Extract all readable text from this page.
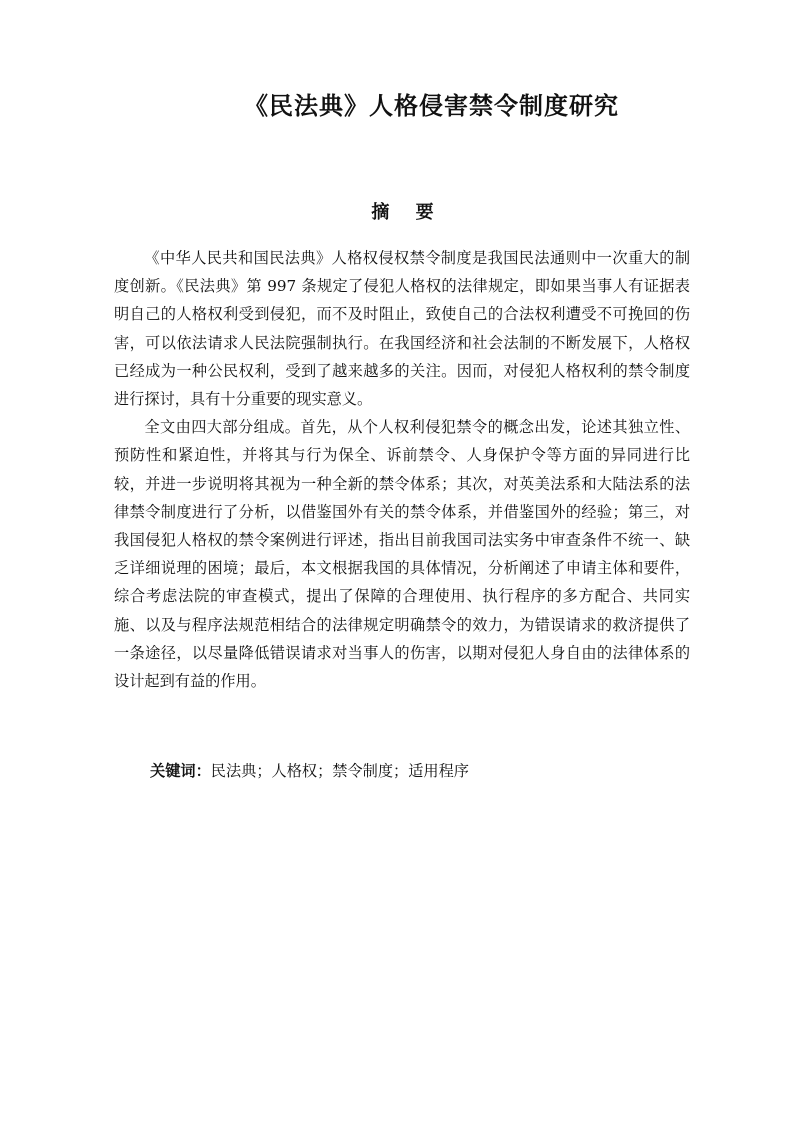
《民法典》人格侵害禁令制度研究
摘 要

《中华人民共和国民法典》人格权侵权禁令制度是我国民法通则中一次重大的制度创新。《民法典》第 997 条规定了侵犯人格权的法律规定，即如果当事人有证据表明自己的人格权利受到侵犯，而不及时阻止，致使自己的合法权利遭受不可挽回的伤害，可以依法请求人民法院强制执行。在我国经济和社会法制的不断发展下，人格权已经成为一种公民权利，受到了越来越多的关注。因而，对侵犯人格权利的禁令制度进行探讨，具有十分重要的现实意义。

全文由四大部分组成。首先，从个人权利侵犯禁令的概念出发，论述其独立性、预防性和紧迫性，并将其与行为保全、诉前禁令、人身保护令等方面的异同进行比较，并进一步说明将其视为一种全新的禁令体系；其次，对英美法系和大陆法系的法律禁令制度进行了分析，以借鉴国外有关的禁令体系，并借鉴国外的经验；第三，对我国侵犯人格权的禁令案例进行评述，指出目前我国司法实务中审查条件不统一、缺乏详细说理的困境；最后，本文根据我国的具体情况，分析阐述了申请主体和要件，综合考虑法院的审查模式，提出了保障的合理使用、执行程序的多方配合、共同实施、以及与程序法规范相结合的法律规定明确禁令的效力，为错误请求的救济提供了一条途径，以尽量降低错误请求对当事人的伤害，以期对侵犯人身自由的法律体系的设计起到有益的作用。

关键词：民法典；人格权；禁令制度；适用程序
